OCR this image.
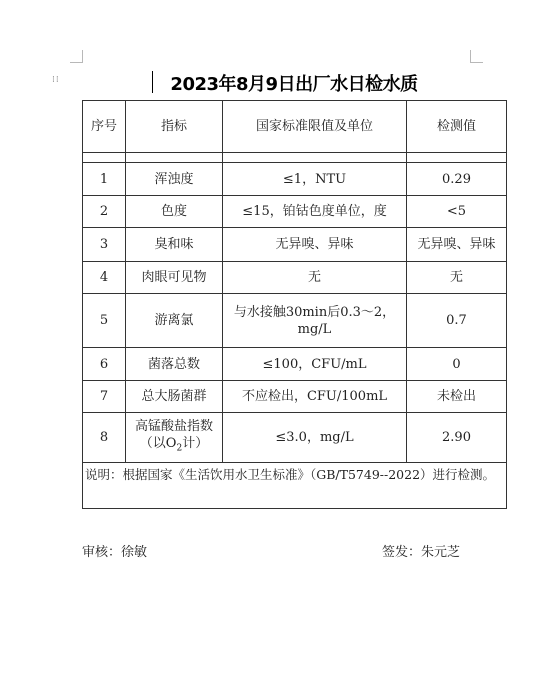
⁞⁞	2023年8月9日出厂水日检水质
序号	指标	国家标准限值及单位	检测值

1	浑浊度	≤1，NTU	0.29
2	色度	≤15，铂钴色度单位，度	<5
3	臭和味	无异嗅、异味	无异嗅、异味
4	肉眼可见物	无	无
5	游离氯	与水接触30min后0.3～2，
mg/L	0.7
6	菌落总数	≤100，CFU/mL	0
7	总大肠菌群	不应检出，CFU/100mL	未检出
8	高锰酸盐指数
（以$O_2$计）	≤3.0，mg/L	2.90
说明：根据国家《生活饮用水卫生标准》（GB/T5749--2022）进行检测。			
审核：徐敏	签发：朱元芝
